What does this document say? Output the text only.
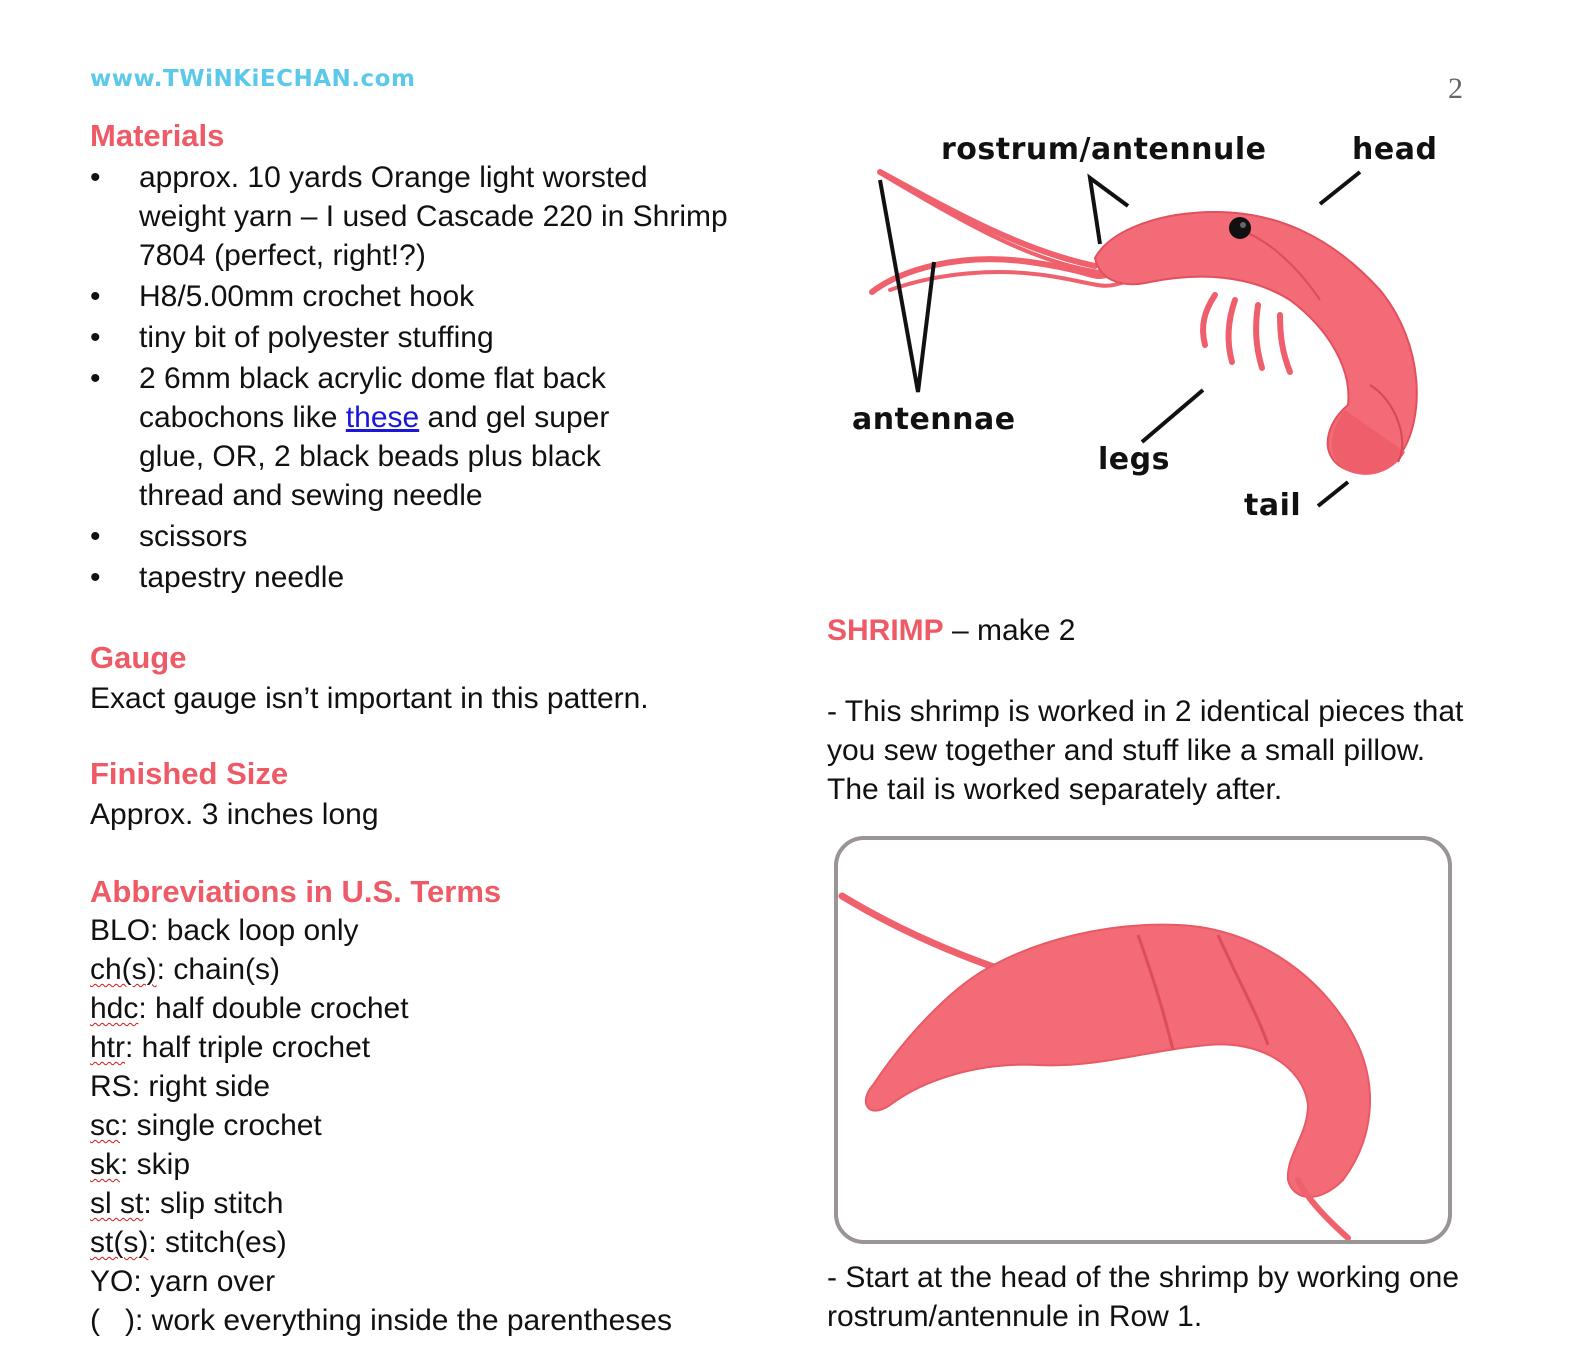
www.TWiNKiECHAN.com	2
Materials
• approx. 10 yards Orange light worsted weight yarn – I used Cascade 220 in Shrimp 7804 (perfect, right!?)
• H8/5.00mm crochet hook
• tiny bit of polyester stuffing
• 2 6mm black acrylic dome flat back cabochons like these and gel super glue, OR, 2 black beads plus black thread and sewing needle
• scissors
• tapestry needle
Gauge
Exact gauge isn’t important in this pattern.
Finished Size
Approx. 3 inches long
Abbreviations in U.S. Terms
BLO: back loop only
ch(s): chain(s)
hdc: half double crochet
htr: half triple crochet
RS: right side
sc: single crochet
sk: skip
sl st: slip stitch
st(s): stitch(es)
YO: yarn over
(   ): work everything inside the parentheses
rostrum/antennule	head
antennae
legs
tail
SHRIMP – make 2
- This shrimp is worked in 2 identical pieces that you sew together and stuff like a small pillow. The tail is worked separately after.
- Start at the head of the shrimp by working one rostrum/antennule in Row 1.
